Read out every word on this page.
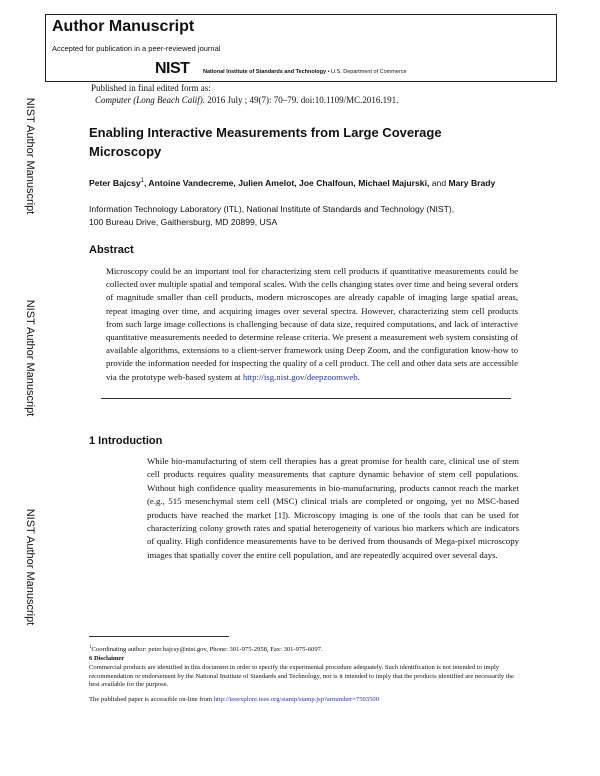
Author Manuscript
Accepted for publication in a peer-reviewed journal
NIST	National Institute of Standards and Technology • U.S. Department of Commerce
NIST Author Manuscript
NIST Author Manuscript
NIST Author Manuscript
Published in final edited form as:
Computer (Long Beach Calif). 2016 July ; 49(7): 70–79. doi:10.1109/MC.2016.191.
Enabling Interactive Measurements from Large Coverage Microscopy

Peter Bajcsy$^1$, Antoine Vandecreme, Julien Amelot, Joe Chalfoun, Michael Majurski, and Mary Brady

Information Technology Laboratory (ITL), National Institute of Standards and Technology (NIST),
100 Bureau Drive, Gaithersburg, MD 20899, USA

Abstract

Microscopy could be an important tool for characterizing stem cell products if quantitative measurements could be collected over multiple spatial and temporal scales. With the cells changing states over time and being several orders of magnitude smaller than cell products, modern microscopes are already capable of imaging large spatial areas, repeat imaging over time, and acquiring images over several spectra. However, characterizing stem cell products from such large image collections is challenging because of data size, required computations, and lack of interactive quantitative measurements needed to determine release criteria. We present a measurement web system consisting of available algorithms, extensions to a client-server framework using Deep Zoom, and the configuration know-how to provide the information needed for inspecting the quality of a cell product. The cell and other data sets are accessible via the prototype web-based system at http://isg.nist.gov/deepzoomweb.

1 Introduction

While bio-manufacturing of stem cell therapies has a great promise for health care, clinical use of stem cell products requires quality measurements that capture dynamic behavior of stem cell populations. Without high confidence quality measurements in bio-manufacturing, products cannot reach the market (e.g., 515 mesenchymal stem cell (MSC) clinical trials are completed or ongoing, yet no MSC-based products have reached the market [1]). Microscopy imaging is one of the tools that can be used for characterizing colony growth rates and spatial heterogeneity of various bio markers which are indicators of quality. High confidence measurements have to be derived from thousands of Mega-pixel microscopy images that spatially cover the entire cell population, and are repeatedly acquired over several days.

$^1$Coordinating author: peter.bajcsy@nist.gov, Phone: 301-975-2958, Fax: 301-975-6097.

6 Disclaimer

Commercial products are identified in this document in order to specify the experimental procedure adequately. Such identification is not intended to imply recommendation or endorsement by the National Institute of Standards and Technology, nor is it intended to imply that the products identified are necessarily the best available for the purpose.

The published paper is accessible on-line from http://ieeexplore.ieee.org/stamp/stamp.jsp?arnumber=7503500
